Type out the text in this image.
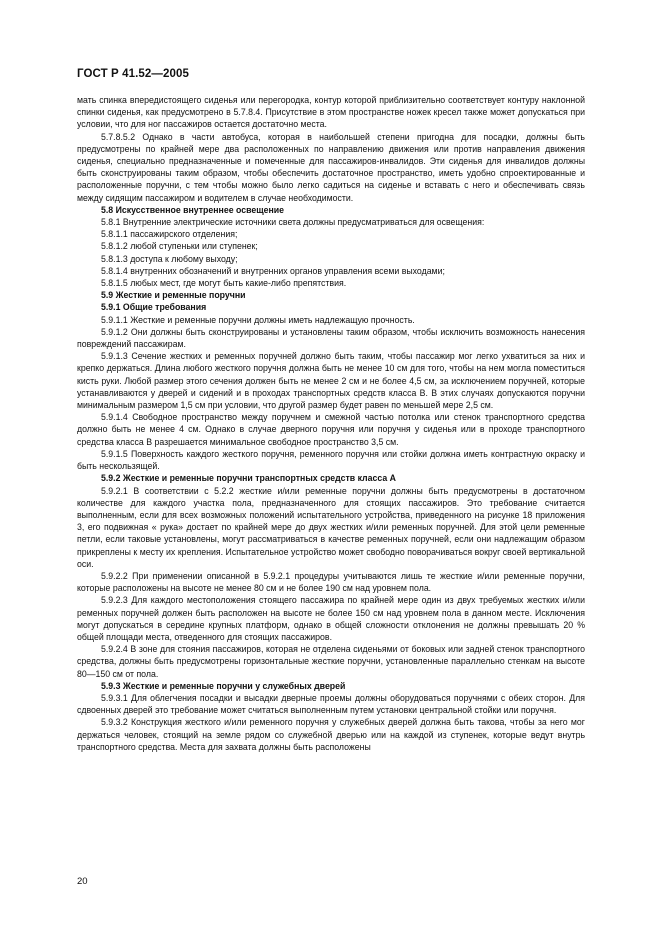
ГОСТ Р 41.52—2005

мать спинка впередистоящего сиденья или перегородка, контур которой приблизительно соответствует контуру наклонной спинки сиденья, как предусмотрено в 5.7.8.4. Присутствие в этом пространстве ножек кресел также может допускаться при условии, что для ног пассажиров остается достаточно места.

5.7.8.5.2 Однако в части автобуса, которая в наибольшей степени пригодна для посадки, должны быть предусмотрены по крайней мере два расположенных по направлению движения или против направления движения сиденья, специально предназначенные и помеченные для пассажиров-инвалидов. Эти сиденья для инвалидов должны быть сконструированы таким образом, чтобы обеспечить достаточное пространство, иметь удобно спроектированные и расположенные поручни, с тем чтобы можно было легко садиться на сиденье и вставать с него и обеспечивать связь между сидящим пассажиром и водителем в случае необходимости.

5.8 Искусственное внутреннее освещение

5.8.1 Внутренние электрические источники света должны предусматриваться для освещения:

5.8.1.1 пассажирского отделения;

5.8.1.2 любой ступеньки или ступенек;

5.8.1.3 доступа к любому выходу;

5.8.1.4 внутренних обозначений и внутренних органов управления всеми выходами;

5.8.1.5 любых мест, где могут быть какие-либо препятствия.

5.9 Жесткие и ременные поручни

5.9.1 Общие требования

5.9.1.1 Жесткие и ременные поручни должны иметь надлежащую прочность.

5.9.1.2 Они должны быть сконструированы и установлены таким образом, чтобы исключить возможность нанесения повреждений пассажирам.

5.9.1.3 Сечение жестких и ременных поручней должно быть таким, чтобы пассажир мог легко ухватиться за них и крепко держаться. Длина любого жесткого поручня должна быть не менее 10 см для того, чтобы на нем могла поместиться кисть руки. Любой размер этого сечения должен быть не менее 2 см и не более 4,5 см, за исключением поручней, которые устанавливаются у дверей и сидений и в проходах транспортных средств класса B. В этих случаях допускаются поручни минимальным размером 1,5 см при условии, что другой размер будет равен по меньшей мере 2,5 см.

5.9.1.4 Свободное пространство между поручнем и смежной частью потолка или стенок транспортного средства должно быть не менее 4 см. Однако в случае дверного поручня или поручня у сиденья или в проходе транспортного средства класса B разрешается минимальное свободное пространство 3,5 см.

5.9.1.5 Поверхность каждого жесткого поручня, ременного поручня или стойки должна иметь контрастную окраску и быть нескользящей.

5.9.2 Жесткие и ременные поручни транспортных средств класса A

5.9.2.1 В соответствии с 5.2.2 жесткие и/или ременные поручни должны быть предусмотрены в достаточном количестве для каждого участка пола, предназначенного для стоящих пассажиров. Это требование считается выполненным, если для всех возможных положений испытательного устройства, приведенного на рисунке 18 приложения 3, его подвижная « рука» достает по крайней мере до двух жестких и/или ременных поручней. Для этой цели ременные петли, если таковые установлены, могут рассматриваться в качестве ременных поручней, если они надлежащим образом прикреплены к месту их крепления. Испытательное устройство может свободно поворачиваться вокруг своей вертикальной оси.

5.9.2.2 При применении описанной в 5.9.2.1 процедуры учитываются лишь те жесткие и/или ременные поручни, которые расположены на высоте не менее 80 см и не более 190 см над уровнем пола.

5.9.2.3 Для каждого местоположения стоящего пассажира по крайней мере один из двух требуемых жестких и/или ременных поручней должен быть расположен на высоте не более 150 см над уровнем пола в данном месте. Исключения могут допускаться в середине крупных платформ, однако в общей сложности отклонения не должны превышать 20 % общей площади места, отведенного для стоящих пассажиров.

5.9.2.4 В зоне для стояния пассажиров, которая не отделена сиденьями от боковых или задней стенок транспортного средства, должны быть предусмотрены горизонтальные жесткие поручни, установленные параллельно стенкам на высоте 80—150 см от пола.

5.9.3 Жесткие и ременные поручни у служебных дверей

5.9.3.1 Для облегчения посадки и высадки дверные проемы должны оборудоваться поручнями с обеих сторон. Для сдвоенных дверей это требование может считаться выполненным путем установки центральной стойки или поручня.

5.9.3.2 Конструкция жесткого и/или ременного поручня у служебных дверей должна быть такова, чтобы за него мог держаться человек, стоящий на земле рядом со служебной дверью или на каждой из ступенек, которые ведут внутрь транспортного средства. Места для захвата должны быть расположены

20
